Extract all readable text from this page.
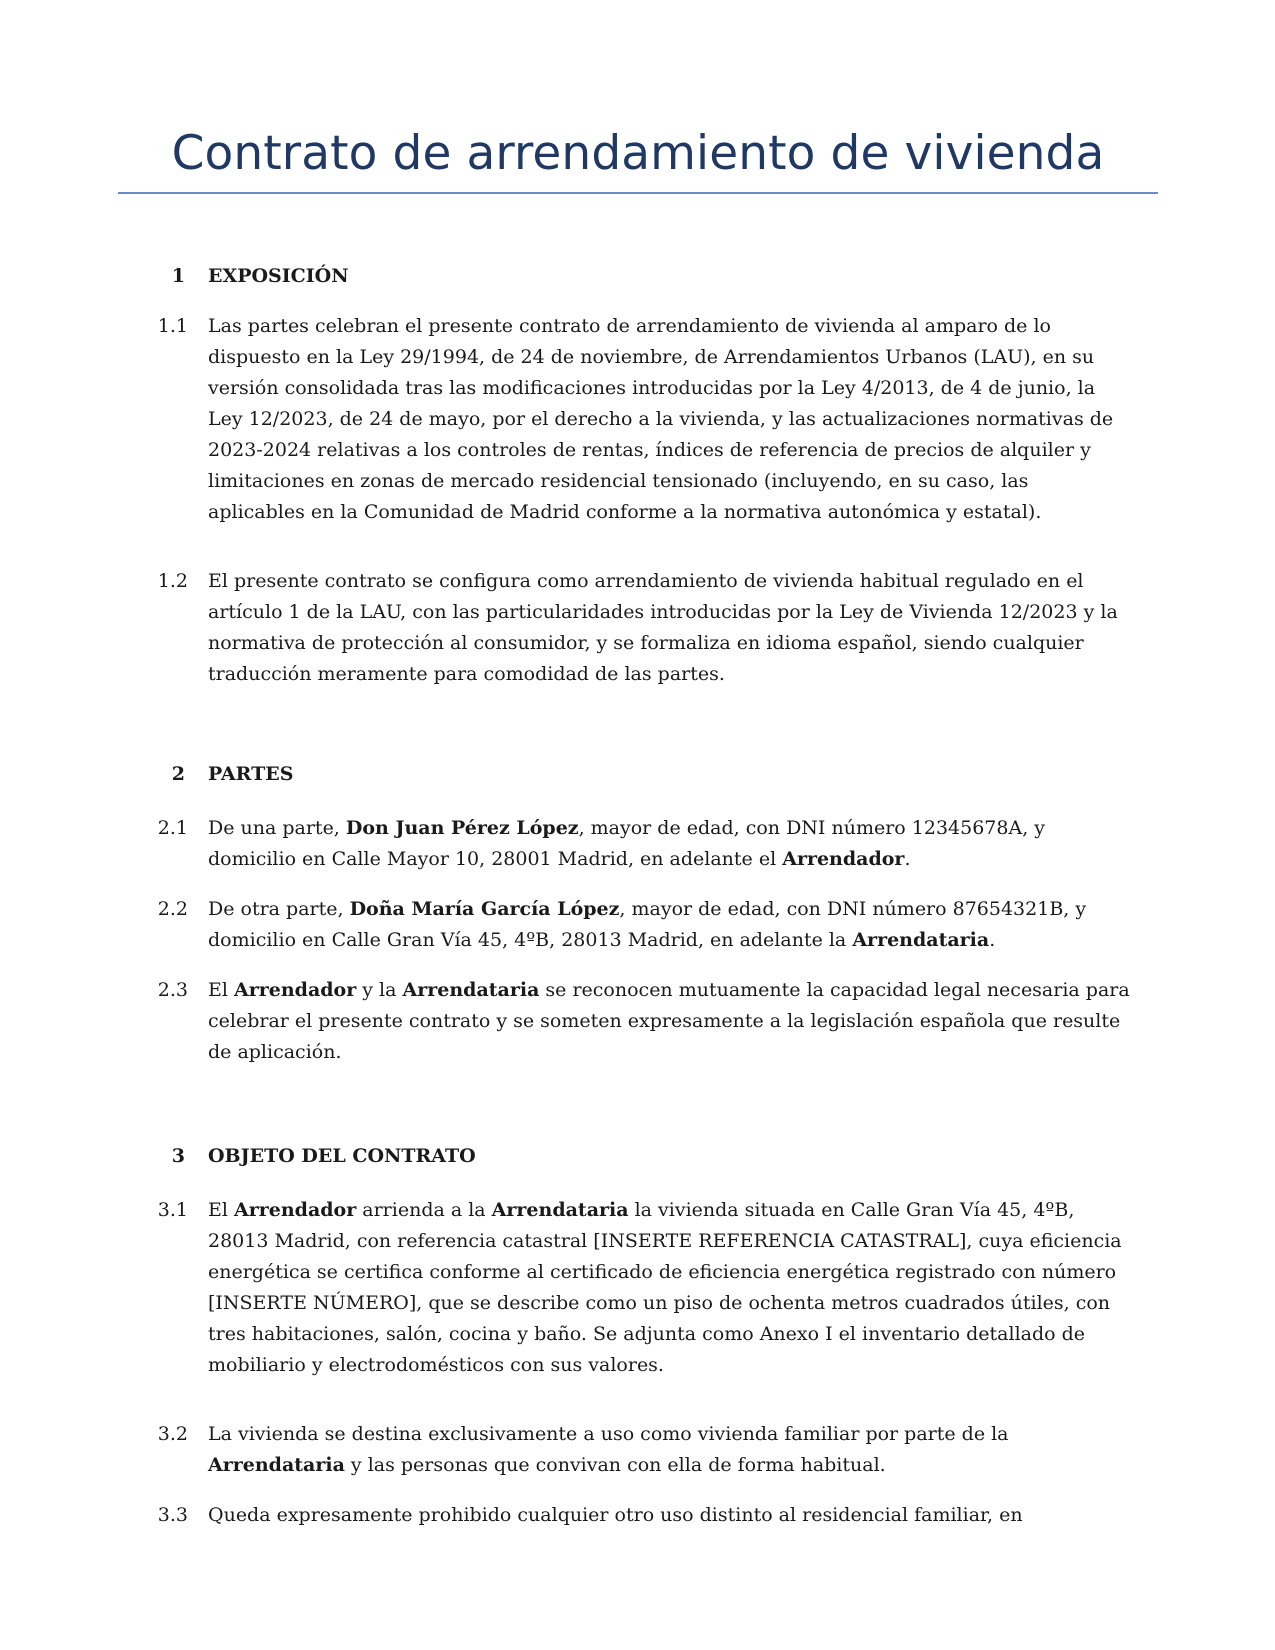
Contrato de arrendamiento de vivienda
1 EXPOSICIÓN
1.1 Las partes celebran el presente contrato de arrendamiento de vivienda al amparo de lo
dispuesto en la Ley 29/1994, de 24 de noviembre, de Arrendamientos Urbanos (LAU), en su
versión consolidada tras las modificaciones introducidas por la Ley 4/2013, de 4 de junio, la
Ley 12/2023, de 24 de mayo, por el derecho a la vivienda, y las actualizaciones normativas de
2023-2024 relativas a los controles de rentas, índices de referencia de precios de alquiler y
limitaciones en zonas de mercado residencial tensionado (incluyendo, en su caso, las
aplicables en la Comunidad de Madrid conforme a la normativa autonómica y estatal).
1.2 El presente contrato se configura como arrendamiento de vivienda habitual regulado en el
artículo 1 de la LAU, con las particularidades introducidas por la Ley de Vivienda 12/2023 y la
normativa de protección al consumidor, y se formaliza en idioma español, siendo cualquier
traducción meramente para comodidad de las partes.
2 PARTES
2.1 De una parte, Don Juan Pérez López, mayor de edad, con DNI número 12345678A, y
domicilio en Calle Mayor 10, 28001 Madrid, en adelante el Arrendador.
2.2 De otra parte, Doña María García López, mayor de edad, con DNI número 87654321B, y
domicilio en Calle Gran Vía 45, 4ºB, 28013 Madrid, en adelante la Arrendataria.
2.3 El Arrendador y la Arrendataria se reconocen mutuamente la capacidad legal necesaria para
celebrar el presente contrato y se someten expresamente a la legislación española que resulte
de aplicación.
3 OBJETO DEL CONTRATO
3.1 El Arrendador arrienda a la Arrendataria la vivienda situada en Calle Gran Vía 45, 4ºB,
28013 Madrid, con referencia catastral [INSERTE REFERENCIA CATASTRAL], cuya eficiencia
energética se certifica conforme al certificado de eficiencia energética registrado con número
[INSERTE NÚMERO], que se describe como un piso de ochenta metros cuadrados útiles, con
tres habitaciones, salón, cocina y baño. Se adjunta como Anexo I el inventario detallado de
mobiliario y electrodomésticos con sus valores.
3.2 La vivienda se destina exclusivamente a uso como vivienda familiar por parte de la
Arrendataria y las personas que convivan con ella de forma habitual.
3.3 Queda expresamente prohibido cualquier otro uso distinto al residencial familiar, en
